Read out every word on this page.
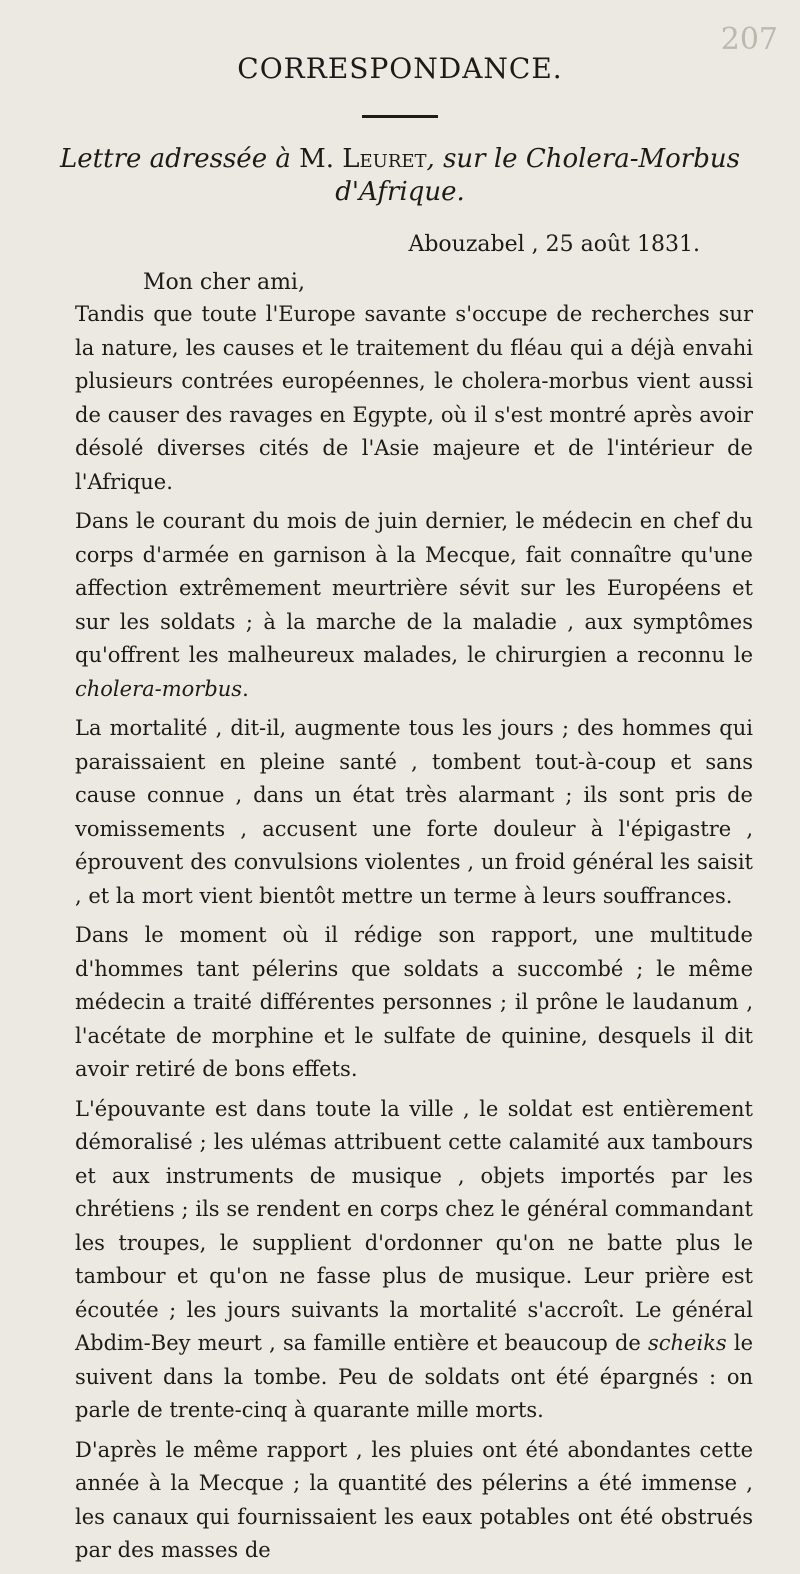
207
CORRESPONDANCE.
Lettre adressée à M. Leuret, sur le Cholera-Morbus
d'Afrique.
Abouzabel , 25 août 1831.
Mon cher ami,

Tandis que toute l'Europe savante s'occupe de recherches sur la nature, les causes et le traitement du fléau qui a déjà envahi plusieurs contrées européennes, le cholera-morbus vient aussi de causer des ravages en Egypte, où il s'est montré après avoir désolé diverses cités de l'Asie majeure et de l'intérieur de l'Afrique.

Dans le courant du mois de juin dernier, le médecin en chef du corps d'armée en garnison à la Mecque, fait connaître qu'une affection extrêmement meurtrière sévit sur les Européens et sur les soldats ; à la marche de la maladie , aux symptômes qu'offrent les malheureux malades, le chirurgien a reconnu le cholera-morbus.

La mortalité , dit-il, augmente tous les jours ; des hommes qui paraissaient en pleine santé , tombent tout-à-coup et sans cause connue , dans un état très alarmant ; ils sont pris de vomissements , accusent une forte douleur à l'épigastre , éprouvent des convulsions violentes , un froid général les saisit , et la mort vient bientôt mettre un terme à leurs souffrances.

Dans le moment où il rédige son rapport, une multitude d'hommes tant pélerins que soldats a succombé ; le même médecin a traité différentes personnes ; il prône le laudanum , l'acétate de morphine et le sulfate de quinine, desquels il dit avoir retiré de bons effets.

L'épouvante est dans toute la ville , le soldat est entièrement démoralisé ; les ulémas attribuent cette calamité aux tambours et aux instruments de musique , objets importés par les chrétiens ; ils se rendent en corps chez le général commandant les troupes, le supplient d'ordonner qu'on ne batte plus le tambour et qu'on ne fasse plus de musique. Leur prière est écoutée ; les jours suivants la mortalité s'accroît. Le général Abdim-Bey meurt , sa famille entière et beaucoup de scheiks le suivent dans la tombe. Peu de soldats ont été épargnés : on parle de trente-cinq à quarante mille morts.

D'après le même rapport , les pluies ont été abondantes cette année à la Mecque ; la quantité des pélerins a été immense , les canaux qui fournissaient les eaux potables ont été obstrués par des masses de
